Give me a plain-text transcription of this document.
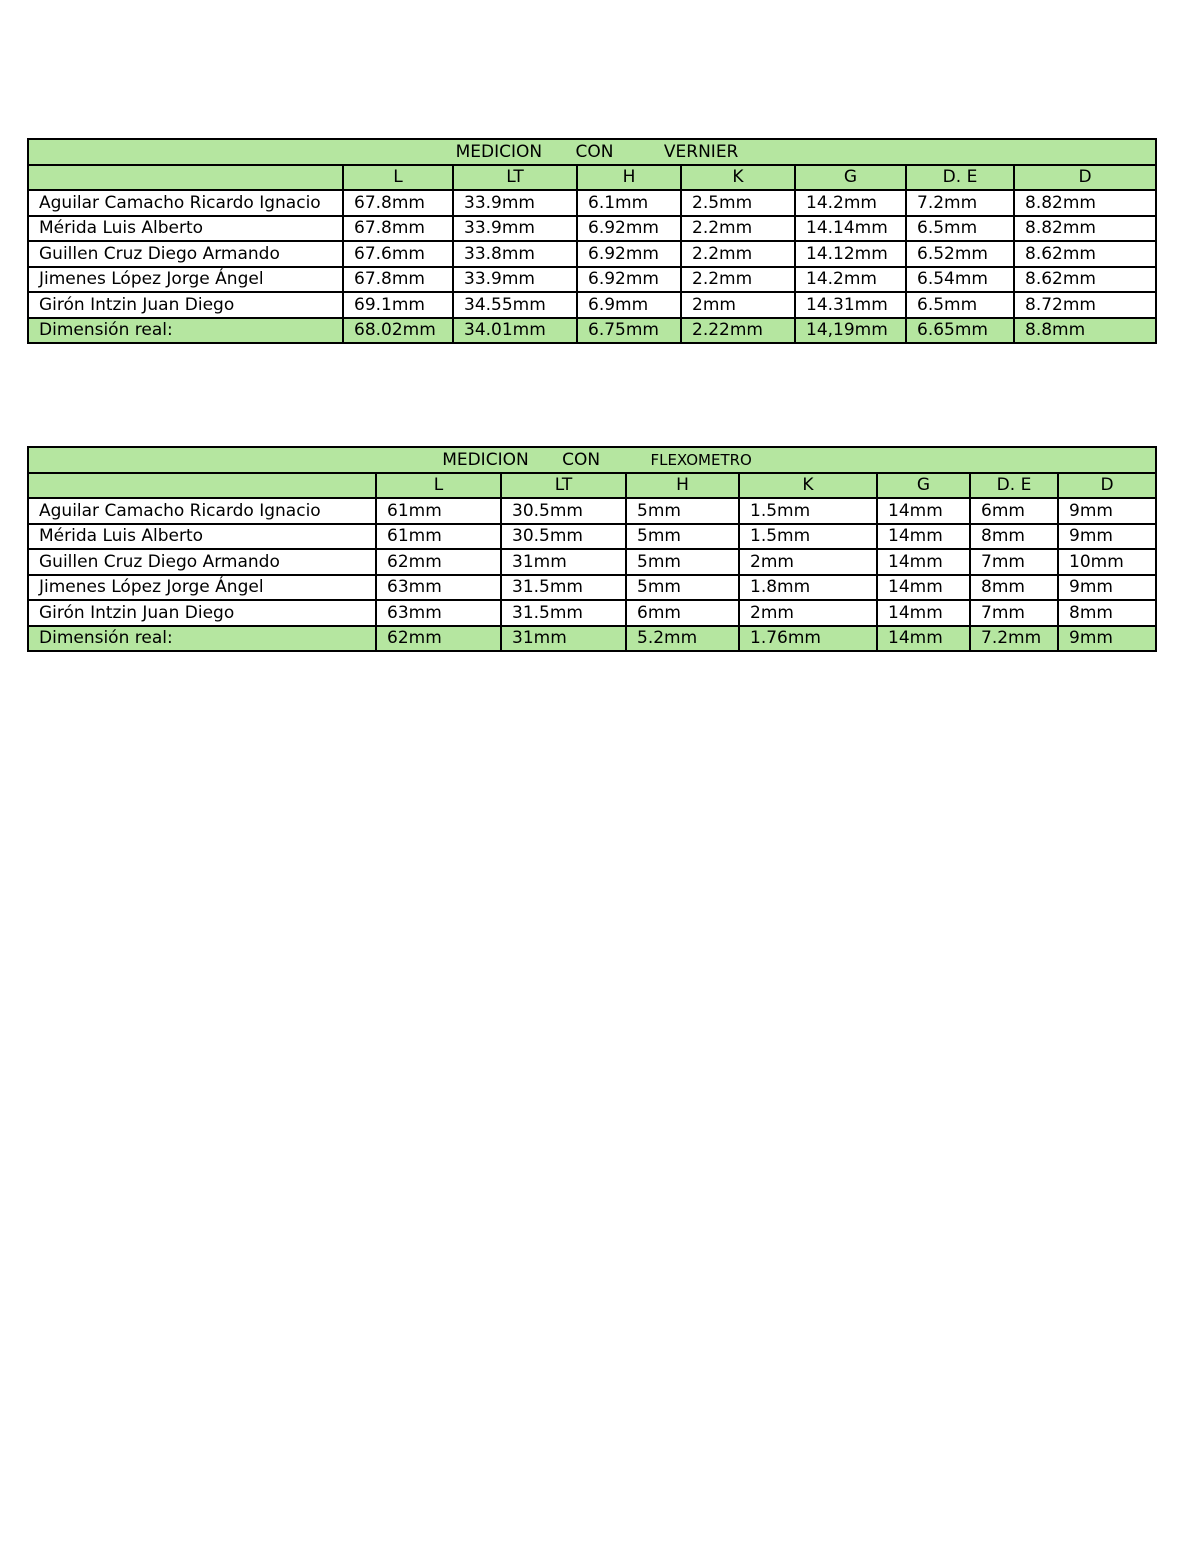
MEDICION CON VERNIER							
	L	LT	H	K	G	D. E	D
Aguilar Camacho Ricardo Ignacio	67.8mm	33.9mm	6.1mm	2.5mm	14.2mm	7.2mm	8.82mm
Mérida Luis Alberto	67.8mm	33.9mm	6.92mm	2.2mm	14.14mm	6.5mm	8.82mm
Guillen Cruz Diego Armando	67.6mm	33.8mm	6.92mm	2.2mm	14.12mm	6.52mm	8.62mm
Jimenes López Jorge Ángel	67.8mm	33.9mm	6.92mm	2.2mm	14.2mm	6.54mm	8.62mm
Girón Intzin Juan Diego	69.1mm	34.55mm	6.9mm	2mm	14.31mm	6.5mm	8.72mm
Dimensión real:	68.02mm	34.01mm	6.75mm	2.22mm	14,19mm	6.65mm	8.8mm
MEDICION CON FLEXOMETRO							
	L	LT	H	K	G	D. E	D
Aguilar Camacho Ricardo Ignacio	61mm	30.5mm	5mm	1.5mm	14mm	6mm	9mm
Mérida Luis Alberto	61mm	30.5mm	5mm	1.5mm	14mm	8mm	9mm
Guillen Cruz Diego Armando	62mm	31mm	5mm	2mm	14mm	7mm	10mm
Jimenes López Jorge Ángel	63mm	31.5mm	5mm	1.8mm	14mm	8mm	9mm
Girón Intzin Juan Diego	63mm	31.5mm	6mm	2mm	14mm	7mm	8mm
Dimensión real:	62mm	31mm	5.2mm	1.76mm	14mm	7.2mm	9mm
